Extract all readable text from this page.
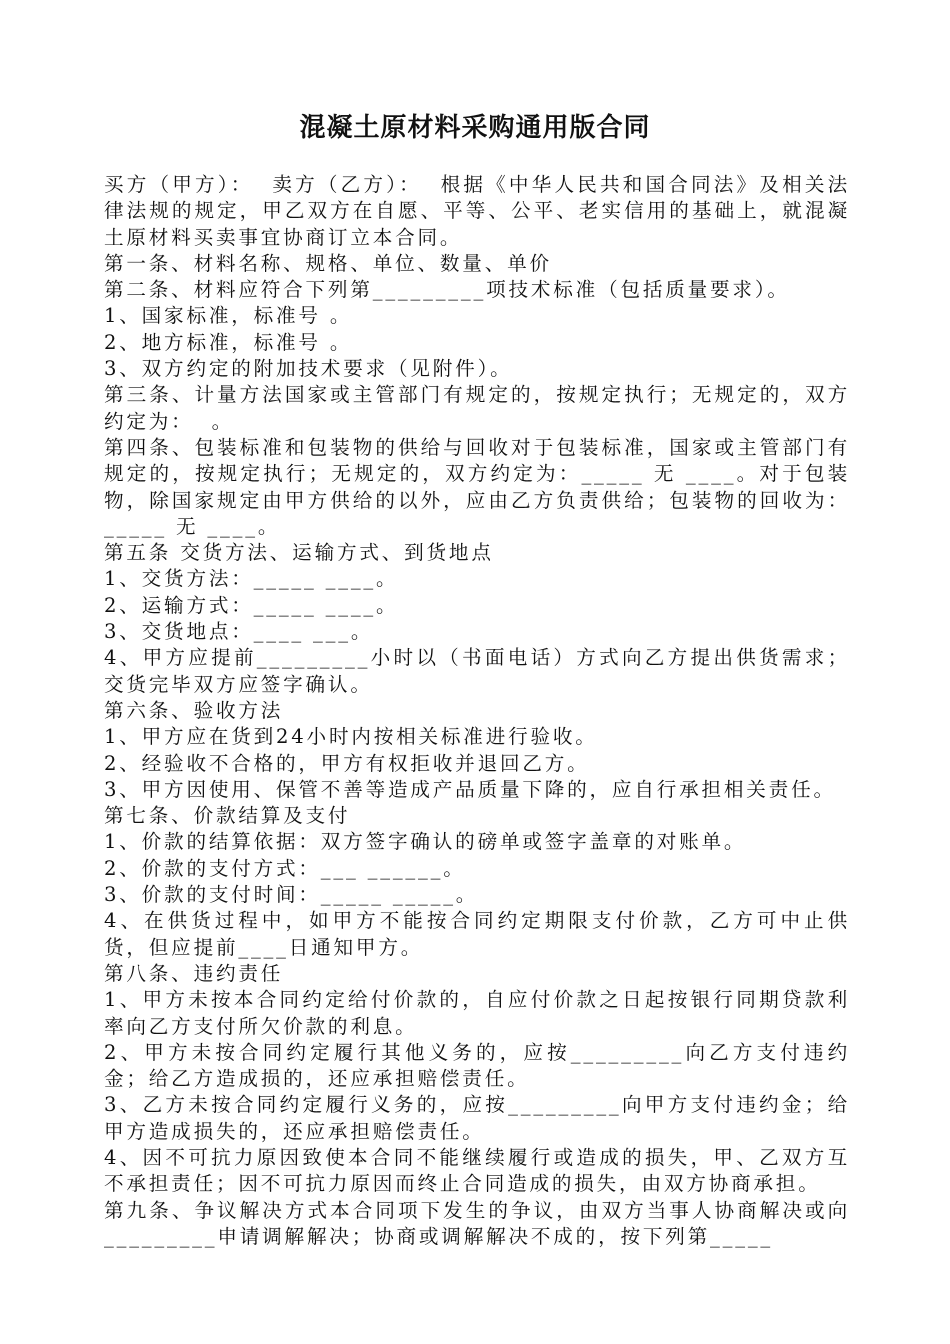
混凝土原材料采购通用版合同

买方（甲方）：  卖方（乙方）：  根据《中华人民共和国合同法》及相关法律法规的规定，甲乙双方在自愿、平等、公平、老实信用的基础上，就混凝土原材料买卖事宜协商订立本合同。

第一条、材料名称、规格、单位、数量、单价

第二条、材料应符合下列第_________项技术标准（包括质量要求）。

1、国家标准，标准号 。

2、地方标准，标准号 。

3、双方约定的附加技术要求（见附件）。

第三条、计量方法国家或主管部门有规定的，按规定执行；无规定的，双方约定为：  。

第四条、包装标准和包装物的供给与回收对于包装标准，国家或主管部门有规定的，按规定执行；无规定的，双方约定为：_____ 无 ____。对于包装物，除国家规定由甲方供给的以外，应由乙方负责供给；包装物的回收为：_____ 无 ____。

第五条 交货方法、运输方式、到货地点

1、交货方法：_____ ____。

2、运输方式：_____ ____。

3、交货地点：____ ___。

4、甲方应提前_________小时以（书面电话）方式向乙方提出供货需求；交货完毕双方应签字确认。

第六条、验收方法

1、甲方应在货到24小时内按相关标准进行验收。

2、经验收不合格的，甲方有权拒收并退回乙方。

3、甲方因使用、保管不善等造成产品质量下降的，应自行承担相关责任。

第七条、价款结算及支付

1、价款的结算依据：双方签字确认的磅单或签字盖章的对账单。

2、价款的支付方式：___ ______。

3、价款的支付时间：_____ _____。

4、在供货过程中，如甲方不能按合同约定期限支付价款，乙方可中止供货，但应提前____日通知甲方。

第八条、违约责任

1、甲方未按本合同约定给付价款的，自应付价款之日起按银行同期贷款利率向乙方支付所欠价款的利息。

2、甲方未按合同约定履行其他义务的，应按_________向乙方支付违约金；给乙方造成损的，还应承担赔偿责任。

3、乙方未按合同约定履行义务的，应按_________向甲方支付违约金；给甲方造成损失的，还应承担赔偿责任。

4、因不可抗力原因致使本合同不能继续履行或造成的损失，甲、乙双方互不承担责任；因不可抗力原因而终止合同造成的损失，由双方协商承担。

第九条、争议解决方式本合同项下发生的争议，由双方当事人协商解决或向_________申请调解解决；协商或调解解决不成的，按下列第_____
